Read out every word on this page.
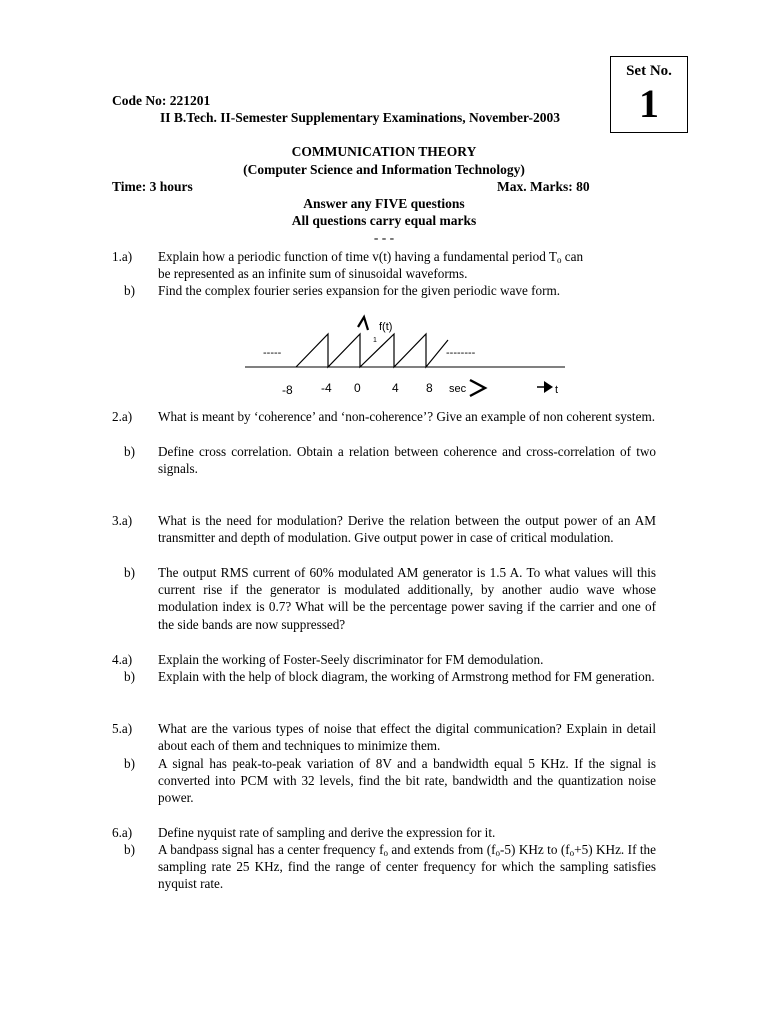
Set No.
1
Code No: 221201
II B.Tech. II-Semester Supplementary Examinations, November-2003
COMMUNICATION THEORY
(Computer Science and Information Technology)
Time: 3 hours	Max. Marks: 80
Answer any FIVE questions
All questions carry equal marks
- - -
1.a) Explain how a periodic function of time v(t) having a fundamental period $T_o$ can
be represented as an infinite sum of sinusoidal waveforms.
b) Find the complex fourier series expansion for the given periodic wave form.
f(t)
1
-----	--------
-8 -4 0	4 8 sec	t
2.a) What is meant by ‘coherence’ and ‘non-coherence’? Give an example of non coherent system.
b) Define cross correlation. Obtain a relation between coherence and cross-correlation of two signals.
3.a) What is the need for modulation? Derive the relation between the output power of an AM transmitter and depth of modulation. Give output power in case of critical modulation.
b) The output RMS current of 60% modulated AM generator is 1.5 A. To what values will this current rise if the generator is modulated additionally, by another audio wave whose modulation index is 0.7? What will be the percentage power saving if the carrier and one of the side bands are now suppressed?
4.a) Explain the working of Foster-Seely discriminator for FM demodulation.
b) Explain with the help of block diagram, the working of Armstrong method for FM generation.
5.a) What are the various types of noise that effect the digital communication? Explain in detail about each of them and techniques to minimize them.
b) A signal has peak-to-peak variation of 8V and a bandwidth equal 5 KHz. If the signal is converted into PCM with 32 levels, find the bit rate, bandwidth and the quantization noise power.
6.a) Define nyquist rate of sampling and derive the expression for it.
b) A bandpass signal has a center frequency $f_o$ and extends from $(f_o-5)$ KHz to $(f_o+5)$ KHz. If the sampling rate 25 KHz, find the range of center frequency for which the sampling satisfies nyquist rate.
